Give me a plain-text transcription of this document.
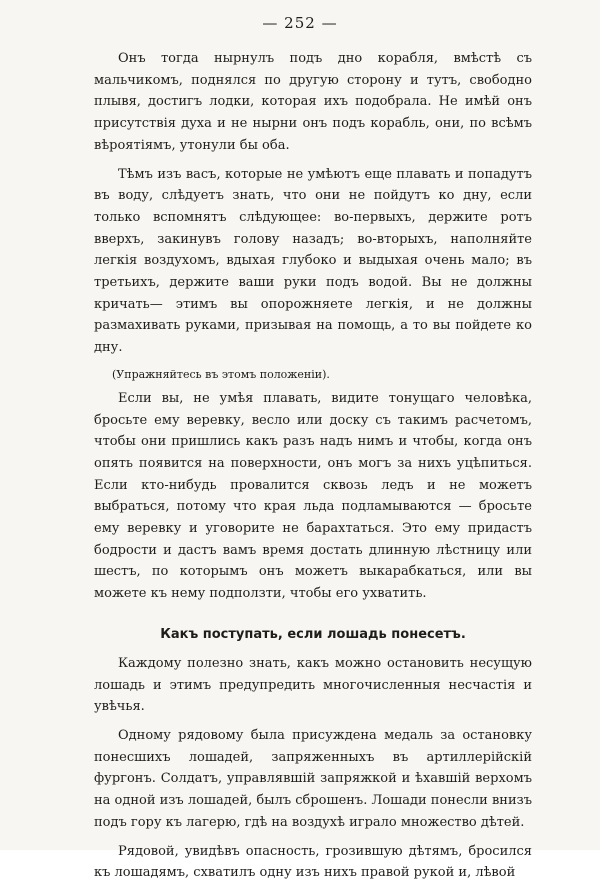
— 252 —

Онъ тогда нырнулъ подъ дно корабля, вмѣстѣ съ мальчикомъ, поднялся по другую сторону и тутъ, свободно плывя, достигъ лодки, которая ихъ подобрала. Не имѣй онъ присутствія духа и не нырни онъ подъ корабль, они, по всѣмъ вѣроятіямъ, утонули бы оба.

Тѣмъ изъ васъ, которые не умѣютъ еще плавать и попадутъ въ воду, слѣдуетъ знать, что они не пойдутъ ко дну, если только вспомнятъ слѣдующее: во-первыхъ, держите ротъ вверхъ, закинувъ голову назадъ; во-вторыхъ, наполняйте легкія воздухомъ, вдыхая глубоко и выдыхая очень мало; въ третьихъ, держите ваши руки подъ водой. Вы не должны кричать— этимъ вы опорожняете легкія, и не должны размахивать руками, призывая на помощь, а то вы пойдете ко дну.

(Упражняйтесь въ этомъ положеніи).

Если вы, не умѣя плавать, видите тонущаго человѣка, бросьте ему веревку, весло или доску съ такимъ расчетомъ, чтобы они пришлись какъ разъ надъ нимъ и чтобы, когда онъ опять появится на поверхности, онъ могъ за нихъ уцѣпиться. Если кто-нибудь провалится сквозь ледъ и не можетъ выбраться, потому что края льда подламываются — бросьте ему веревку и уговорите не барахтаться. Это ему придастъ бодрости и дастъ вамъ время достать длинную лѣстницу или шестъ, по которымъ онъ можетъ выкарабкаться, или вы можете къ нему подползти, чтобы его ухватить.

Какъ поступать, если лошадь понесетъ.

Каждому полезно знать, какъ можно остановить несущую лошадь и этимъ предупредить многочисленныя несчастія и увѣчья.

Одному рядовому была присуждена медаль за остановку понесшихъ лошадей, запряженныхъ въ артиллерійскій фургонъ. Солдатъ, управлявшій запряжкой и ѣхавшій верхомъ на одной изъ лошадей, былъ сброшенъ. Лошади понесли внизъ подъ гору къ лагерю, гдѣ на воздухѣ играло множество дѣтей.

Рядовой, увидѣвъ опасность, грозившую дѣтямъ, бросился къ лошадямъ, схватилъ одну изъ нихъ правой рукой и, лѣвой
